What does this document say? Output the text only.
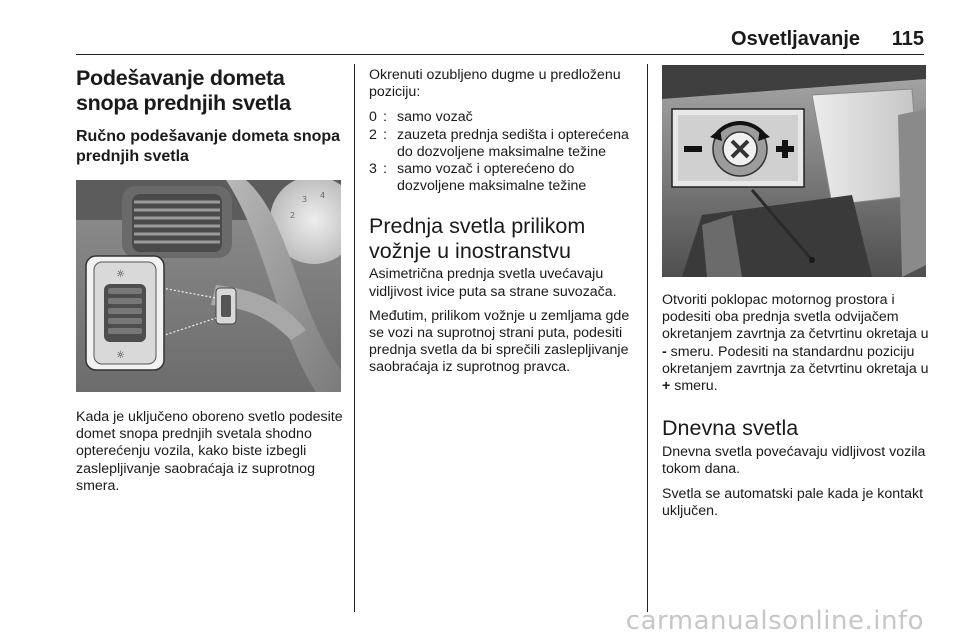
Osvetljavanje 115
Podešavanje dometa snopa prednjih svetla
Ručno podešavanje dometa snopa prednjih svetla
2
3 4
☼
☼

Kada je uključeno oboreno svetlo podesite domet snopa prednjih svetala shodno opterećenju vozila, kako biste izbegli zaslepljivanje saobraćaja iz suprotnog smera.

Okrenuti ozubljeno dugme u predloženu poziciju:

0 : samo vozač
2 : zauzeta prednja sedišta i opterećena do dozvoljene maksimalne težine
3 : samo vozač i opterećeno do dozvoljene maksimalne težine
Prednja svetla prilikom vožnje u inostranstvu

Asimetrična prednja svetla uvećavaju vidljivost ivice puta sa strane suvozača.

Međutim, prilikom vožnje u zemljama gde se vozi na suprotnoj strani puta, podesiti prednja svetla da bi sprečili zaslepljivanje saobraćaja iz suprotnog pravca.

Otvoriti poklopac motornog prostora i podesiti oba prednja svetla odvijačem okretanjem zavrtnja za četvrtinu okretaja u - smeru. Podesiti na standardnu poziciju okretanjem zavrtnja za četvrtinu okretaja u + smeru.

Dnevna svetla

Dnevna svetla povećavaju vidljivost vozila tokom dana.

Svetla se automatski pale kada je kontakt uključen.

carmanualsonline.info
